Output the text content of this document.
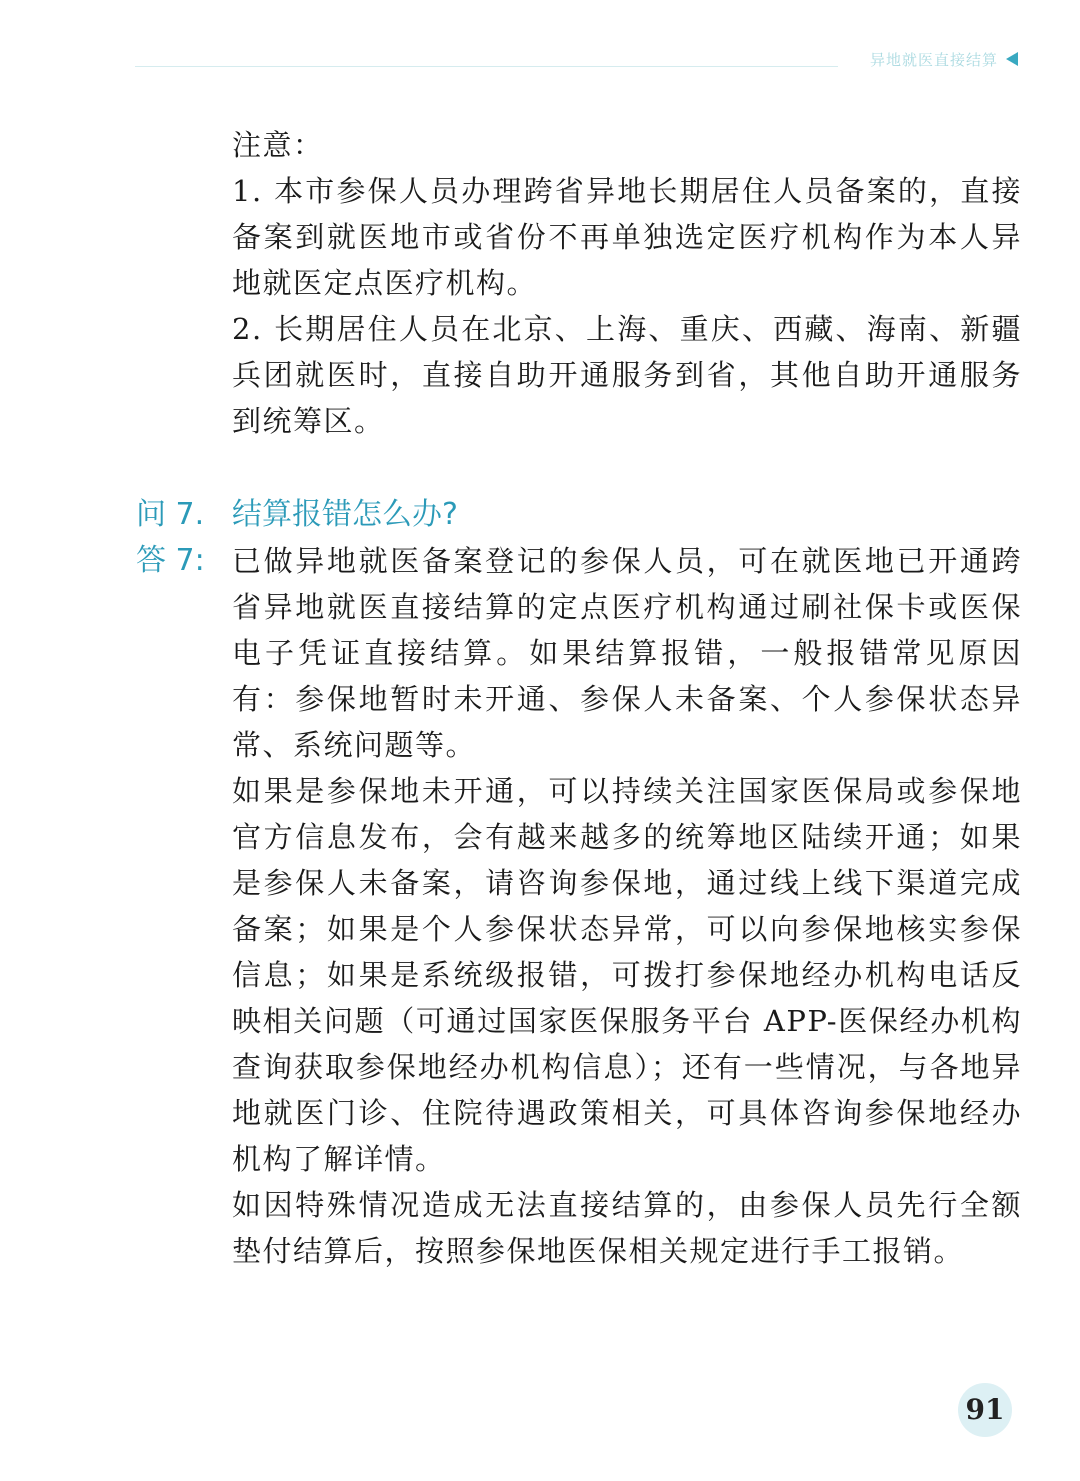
异地就医直接结算

注意：

1. 本市参保人员办理跨省异地长期居住人员备案的，直接备案到就医地市或省份不再单独选定医疗机构作为本人异地就医定点医疗机构。

2. 长期居住人员在北京、上海、重庆、西藏、海南、新疆兵团就医时，直接自助开通服务到省，其他自助开通服务到统筹区。

问 7. 结算报错怎么办?
答 7: 已做异地就医备案登记的参保人员，可在就医地已开通跨省异地就医直接结算的定点医疗机构通过刷社保卡或医保电子凭证直接结算。如果结算报错，一般报错常见原因有：参保地暂时未开通、参保人未备案、个人参保状态异常、系统问题等。

如果是参保地未开通，可以持续关注国家医保局或参保地官方信息发布，会有越来越多的统筹地区陆续开通；如果是参保人未备案，请咨询参保地，通过线上线下渠道完成备案；如果是个人参保状态异常，可以向参保地核实参保信息；如果是系统级报错，可拨打参保地经办机构电话反映相关问题（可通过国家医保服务平台 APP-医保经办机构查询获取参保地经办机构信息）；还有一些情况，与各地异地就医门诊、住院待遇政策相关，可具体咨询参保地经办机构了解详情。

如因特殊情况造成无法直接结算的，由参保人员先行全额垫付结算后，按照参保地医保相关规定进行手工报销。

91
